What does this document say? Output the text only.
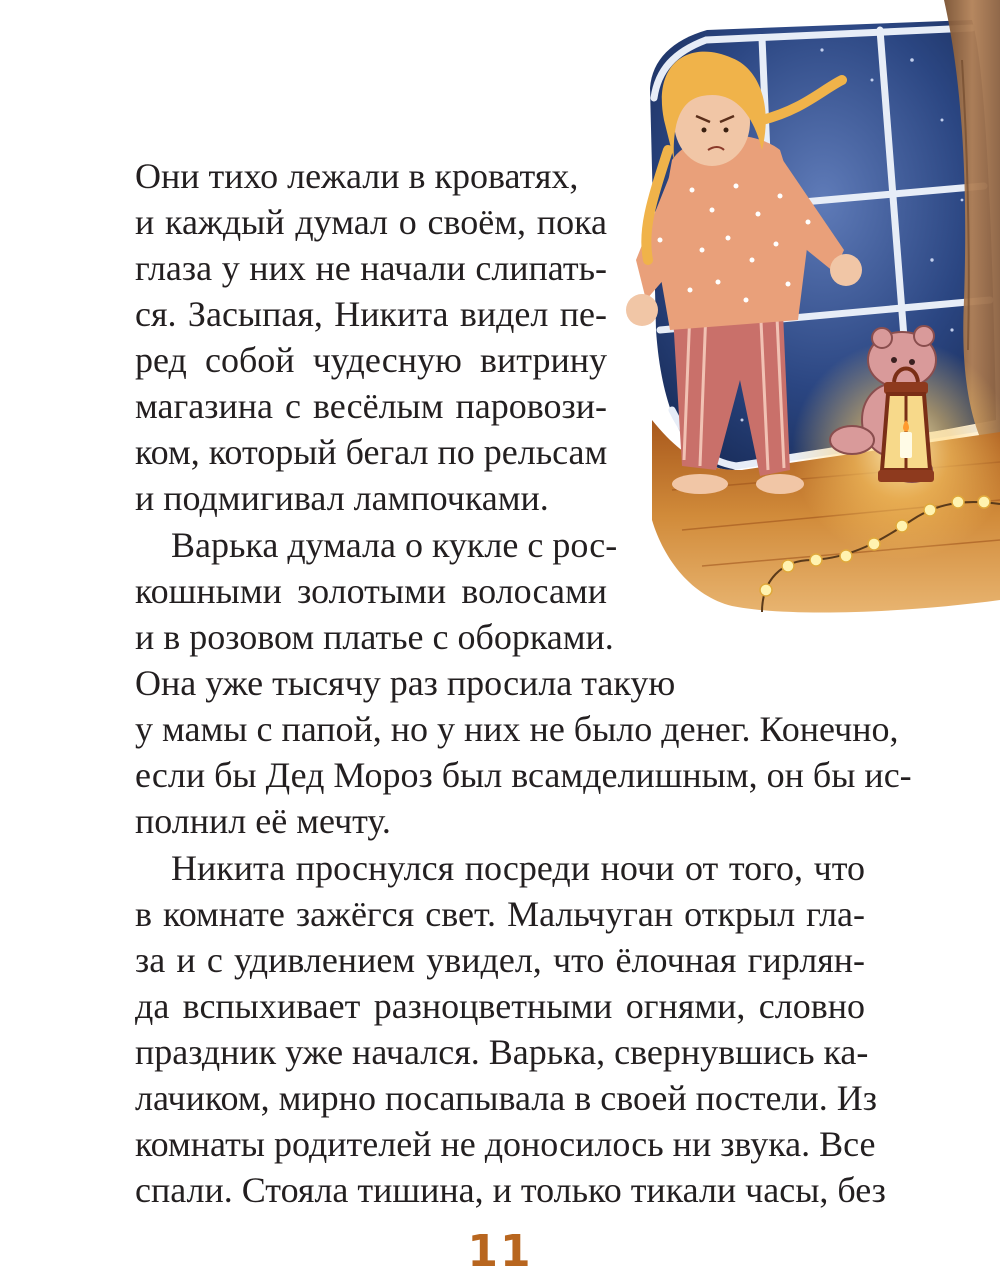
Они тихо лежали в кроватях,

и каждый думал о своём, пока

глаза у них не начали слипать-

ся. Засыпая, Никита видел пе-

ред собой чудесную витрину

магазина с весёлым паровози-

ком, который бегал по рельсам

и подмигивал лампочками.

Варька думала о кукле с рос-

кошными золотыми волосами

и в розовом платье с оборками.

Она уже тысячу раз просила такую

у мамы с папой, но у них не было денег. Конечно,

если бы Дед Мороз был всамделишным, он бы ис-

полнил её мечту.

Никита проснулся посреди ночи от того, что

в комнате зажёгся свет. Мальчуган открыл гла-

за и с удивлением увидел, что ёлочная гирлян-

да вспыхивает разноцветными огнями, словно

праздник уже начался. Варька, свернувшись ка-

лачиком, мирно посапывала в своей постели. Из

комнаты родителей не доносилось ни звука. Все

спали. Стояла тишина, и только тикали часы, без

11
